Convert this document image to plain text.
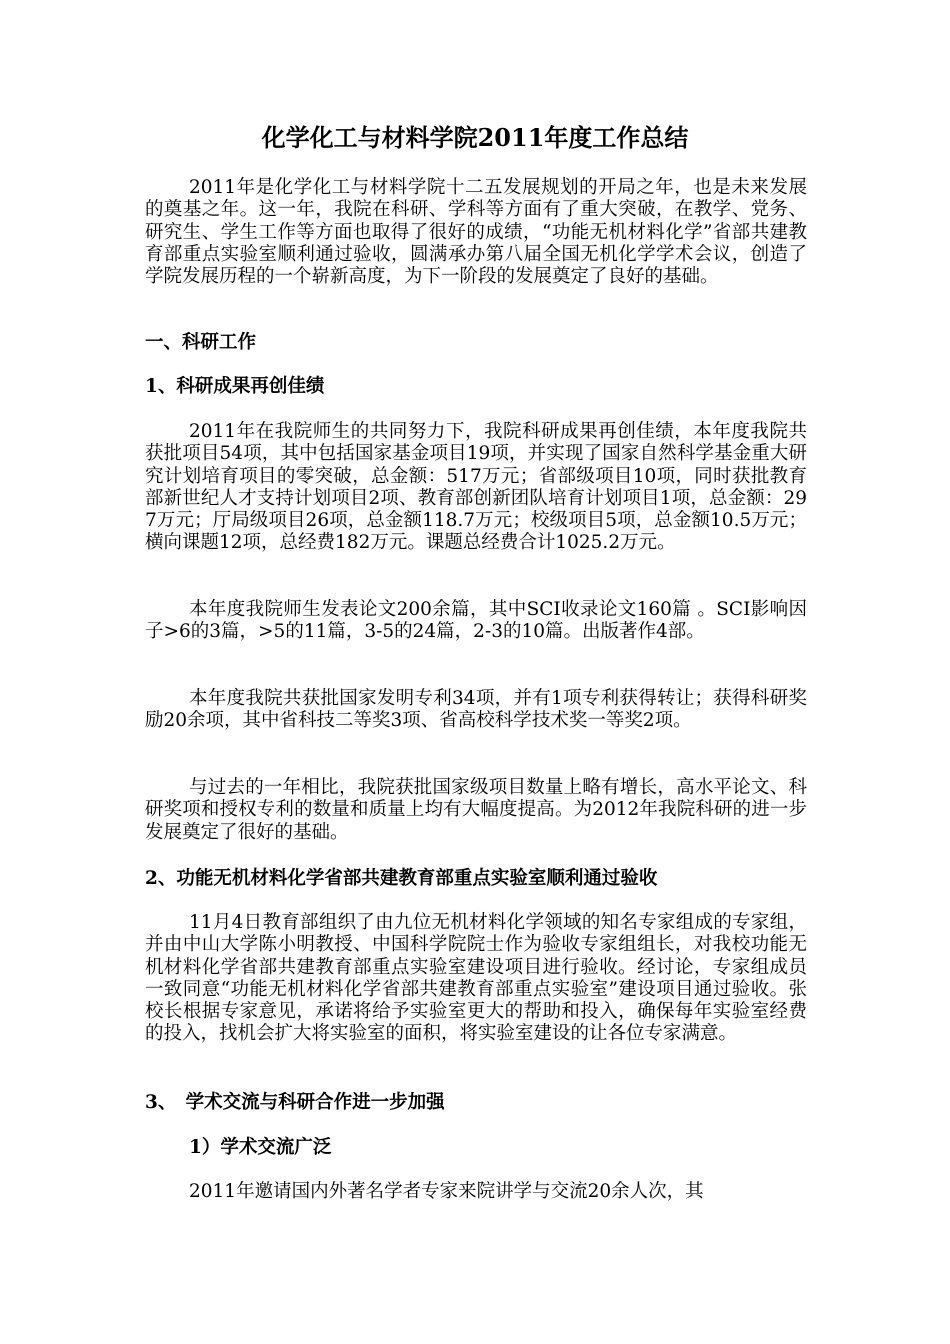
化学化工与材料学院2011年度工作总结

2011年是化学化工与材料学院十二五发展规划的开局之年，也是未来发展的奠基之年。这一年，我院在科研、学科等方面有了重大突破，在教学、党务、研究生、学生工作等方面也取得了很好的成绩，“功能无机材料化学”省部共建教育部重点实验室顺利通过验收，圆满承办第八届全国无机化学学术会议，创造了学院发展历程的一个崭新高度，为下一阶段的发展奠定了良好的基础。

一、科研工作
1、科研成果再创佳绩

2011年在我院师生的共同努力下，我院科研成果再创佳绩，本年度我院共获批项目54项，其中包括国家基金项目19项，并实现了国家自然科学基金重大研究计划培育项目的零突破，总金额：517万元；省部级项目10项，同时获批教育部新世纪人才支持计划项目2项、教育部创新团队培育计划项目1项，总金额：297万元；厅局级项目26项，总金额118.7万元；校级项目5项，总金额10.5万元；横向课题12项，总经费182万元。课题总经费合计1025.2万元。

本年度我院师生发表论文200余篇，其中SCI收录论文160篇 。SCI影响因子>6的3篇，>5的11篇，3-5的24篇，2-3的10篇。出版著作4部。

本年度我院共获批国家发明专利34项，并有1项专利获得转让；获得科研奖励20余项，其中省科技二等奖3项、省高校科学技术奖一等奖2项。

与过去的一年相比，我院获批国家级项目数量上略有增长，高水平论文、科研奖项和授权专利的数量和质量上均有大幅度提高。为2012年我院科研的进一步发展奠定了很好的基础。

2、功能无机材料化学省部共建教育部重点实验室顺利通过验收

11月4日教育部组织了由九位无机材料化学领域的知名专家组成的专家组，并由中山大学陈小明教授、中国科学院院士作为验收专家组组长，对我校功能无机材料化学省部共建教育部重点实验室建设项目进行验收。经讨论，专家组成员一致同意“功能无机材料化学省部共建教育部重点实验室”建设项目通过验收。张校长根据专家意见，承诺将给予实验室更大的帮助和投入，确保每年实验室经费的投入，找机会扩大将实验室的面积，将实验室建设的让各位专家满意。

3、　学术交流与科研合作进一步加强
1）学术交流广泛

2011年邀请国内外著名学者专家来院讲学与交流20余人次，其
